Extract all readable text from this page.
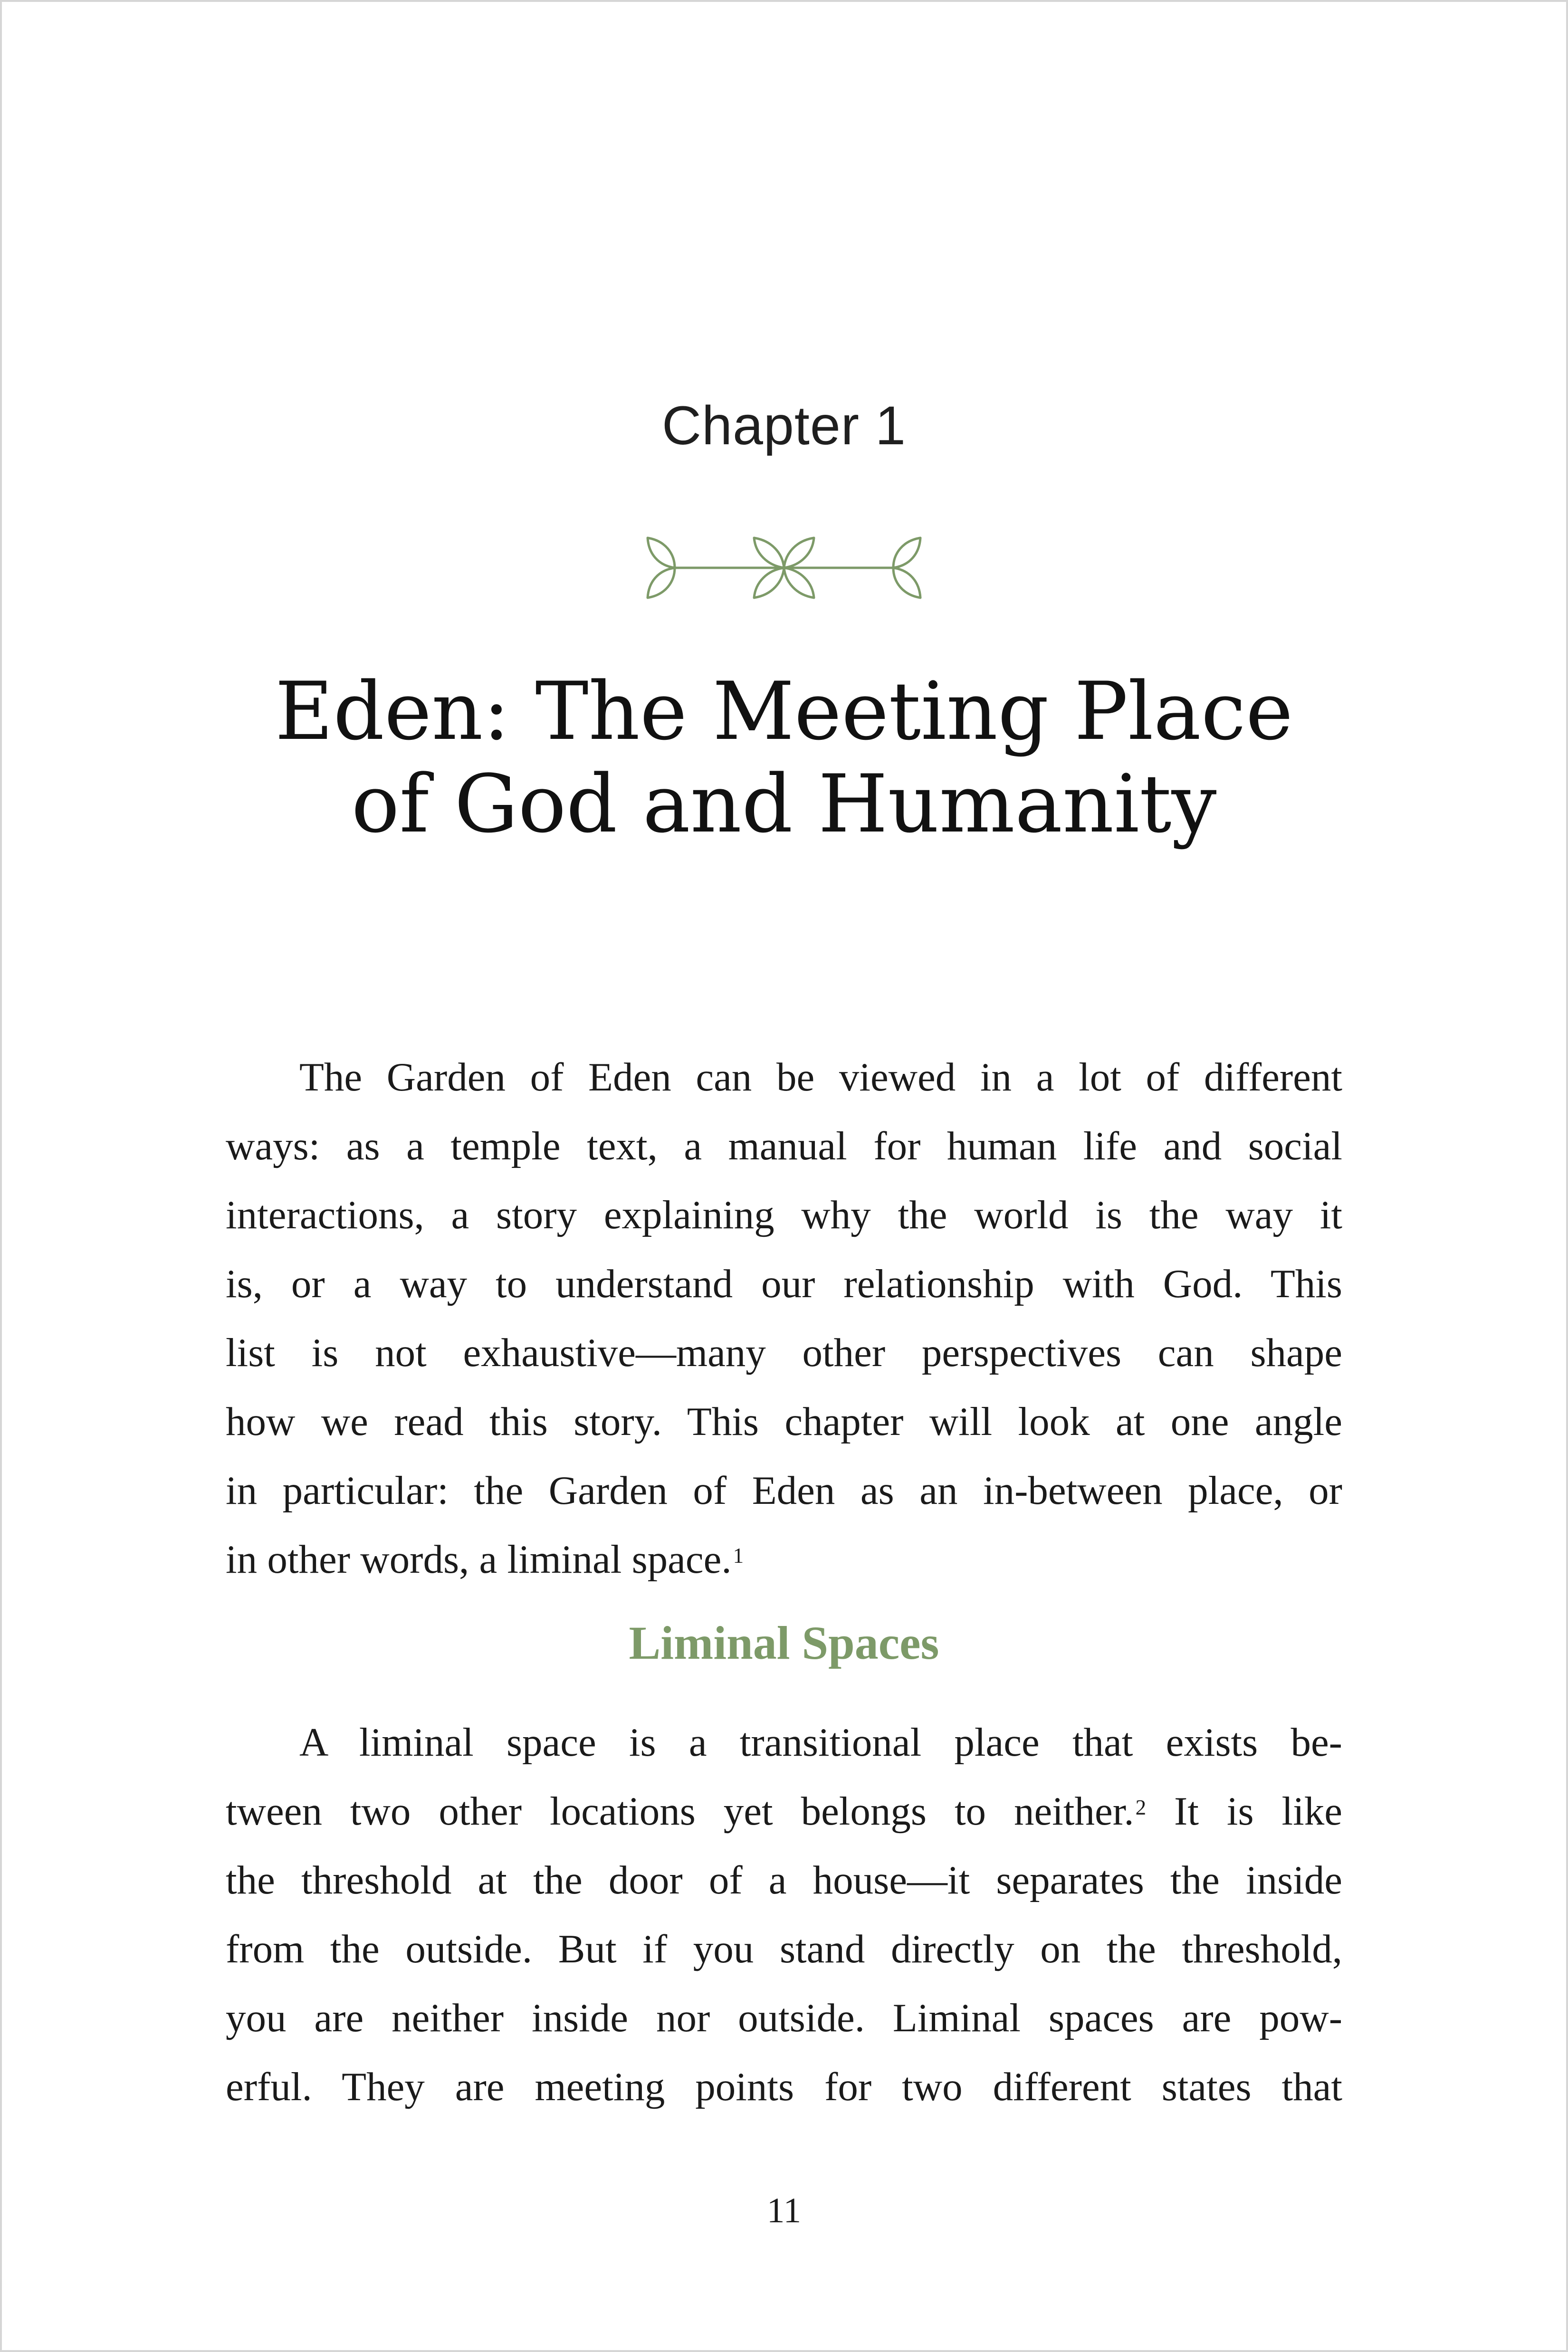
Chapter 1
Eden: The Meeting Place
of God and Humanity
The Garden of Eden can be viewed in a lot of different
ways: as a temple text, a manual for human life and social
interactions, a story explaining why the world is the way it
is, or a way to understand our relationship with God. This
list is not exhaustive—many other perspectives can shape
how we read this story. This chapter will look at one angle
in particular: the Garden of Eden as an in-between place, or
in other words, a liminal space.$^1$
Liminal Spaces
A liminal space is a transitional place that exists be-
tween two other locations yet belongs to neither.$^2$ It is like
the threshold at the door of a house—it separates the inside
from the outside. But if you stand directly on the threshold,
you are neither inside nor outside. Liminal spaces are pow-
erful. They are meeting points for two different states that
11
